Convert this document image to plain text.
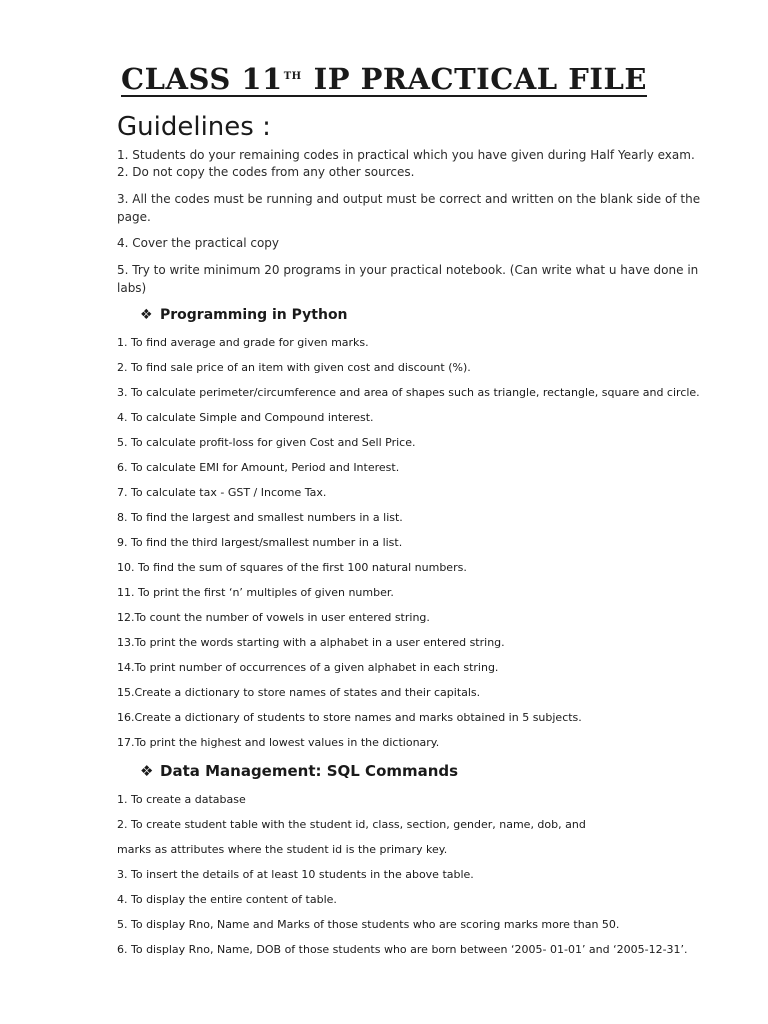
CLASS 11TH IP PRACTICAL FILE
Guidelines :
1. Students do your remaining codes in practical which you have given during Half Yearly exam.
2. Do not copy the codes from any other sources.
3. All the codes must be running and output must be correct and written on the blank side of the
page.
4. Cover the practical copy
5. Try to write minimum 20 programs in your practical notebook. (Can write what u have done in
labs)
❖ Programming in Python
1. To find average and grade for given marks.
2. To find sale price of an item with given cost and discount (%).
3. To calculate perimeter/circumference and area of shapes such as triangle, rectangle, square and circle.
4. To calculate Simple and Compound interest.
5. To calculate profit-loss for given Cost and Sell Price.
6. To calculate EMI for Amount, Period and Interest.
7. To calculate tax - GST / Income Tax.
8. To find the largest and smallest numbers in a list.
9. To find the third largest/smallest number in a list.
10. To find the sum of squares of the first 100 natural numbers.
11. To print the first ‘n’ multiples of given number.
12.To count the number of vowels in user entered string.
13.To print the words starting with a alphabet in a user entered string.
14.To print number of occurrences of a given alphabet in each string.
15.Create a dictionary to store names of states and their capitals.
16.Create a dictionary of students to store names and marks obtained in 5 subjects.
17.To print the highest and lowest values in the dictionary.
❖ Data Management: SQL Commands
1. To create a database
2. To create student table with the student id, class, section, gender, name, dob, and
marks as attributes where the student id is the primary key.
3. To insert the details of at least 10 students in the above table.
4. To display the entire content of table.
5. To display Rno, Name and Marks of those students who are scoring marks more than 50.
6. To display Rno, Name, DOB of those students who are born between ‘2005- 01-01’ and ‘2005-12-31’.
